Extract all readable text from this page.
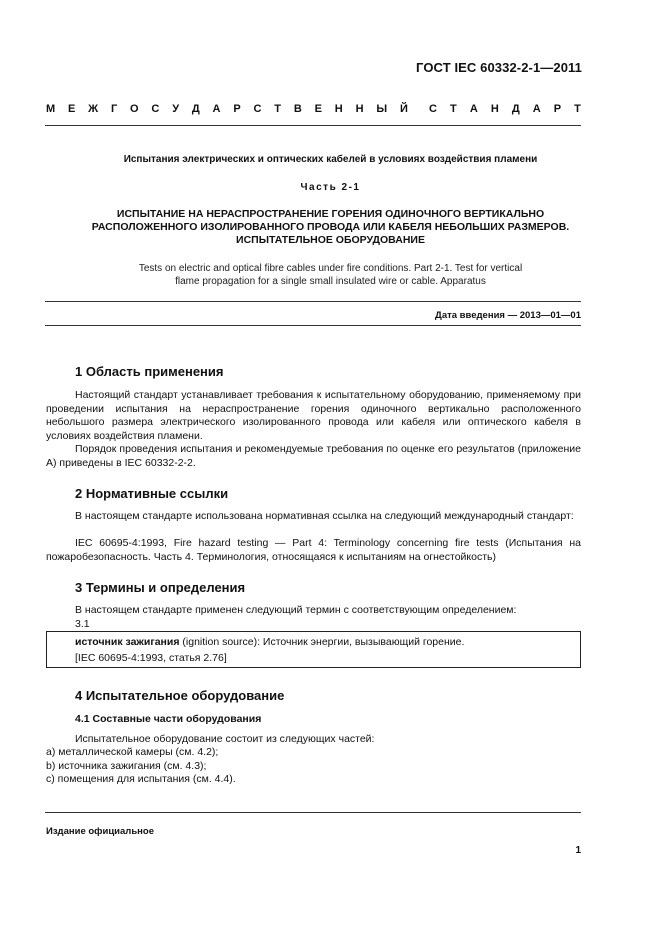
ГОСТ IEC 60332-2-1—2011
М Е Ж Г О С У Д А Р С Т В Е Н Н Ы Й С Т А Н Д А Р Т
Испытания электрических и оптических кабелей в условиях воздействия пламени
Часть 2-1
ИСПЫТАНИЕ НА НЕРАСПРОСТРАНЕНИЕ ГОРЕНИЯ ОДИНОЧНОГО ВЕРТИКАЛЬНО
РАСПОЛОЖЕННОГО ИЗОЛИРОВАННОГО ПРОВОДА ИЛИ КАБЕЛЯ НЕБОЛЬШИХ РАЗМЕРОВ.
ИСПЫТАТЕЛЬНОЕ ОБОРУДОВАНИЕ
Tests on electric and optical fibre cables under fire conditions. Part 2-1. Test for vertical
flame propagation for a single small insulated wire or cable. Apparatus
Дата введения — 2013—01—01
1 Область применения
Настоящий стандарт устанавливает требования к испытательному оборудованию, применяемому при проведении испытания на нераспространение горения одиночного вертикально расположенного небольшого размера электрического изолированного провода или кабеля или оптического кабеля в условиях воздействия пламени.
Порядок проведения испытания и рекомендуемые требования по оценке его результатов (приложение А) приведены в IEC 60332-2-2.
2 Нормативные ссылки
В настоящем стандарте использована нормативная ссылка на следующий международный стандарт:
IEC 60695-4:1993, Fire hazard testing — Part 4: Terminology concerning fire tests (Испытания на пожаробезопасность. Часть 4. Терминология, относящаяся к испытаниям на огнестойкость)
3 Термины и определения
В настоящем стандарте применен следующий термин с соответствующим определением:
3.1
источник зажигания (ignition source): Источник энергии, вызывающий горение.
[IEC 60695-4:1993, статья 2.76]
4 Испытательное оборудование
4.1 Составные части оборудования
Испытательное оборудование состоит из следующих частей:
а) металлической камеры (см. 4.2);
b) источника зажигания (см. 4.3);
с) помещения для испытания (см. 4.4).
Издание официальное
1
